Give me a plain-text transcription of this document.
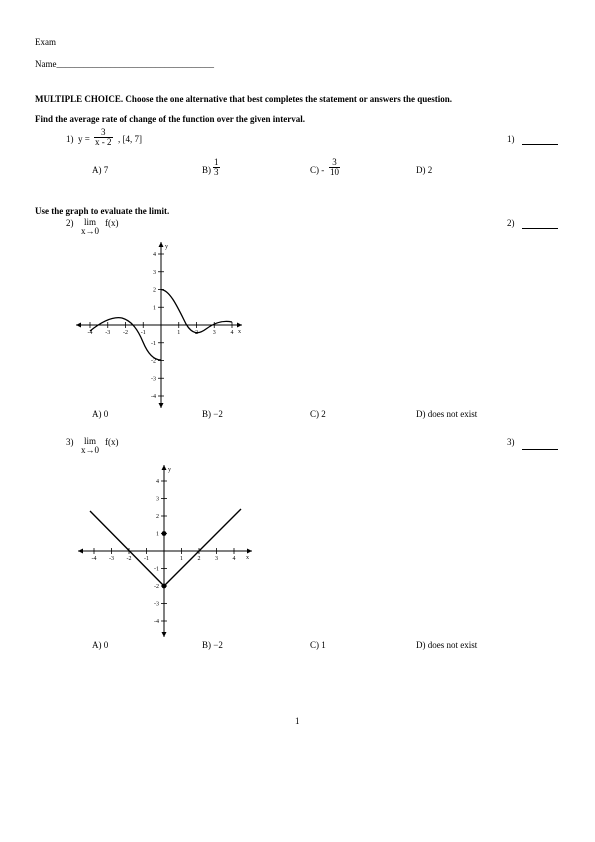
Exam
Name___________________________________
MULTIPLE CHOICE. Choose the one alternative that best completes the statement or answers the question.
Find the average rate of change of the function over the given interval.
1) $y = \frac{3}{x - 2}$ , [4, 7]	1)
A) 7	$B) \frac{1}{3}$	$C) - \frac{3}{10}$	D) 2
Use the graph to evaluate the limit.
2)	lim
x→0
f(x)	2)
-4 -3 -2 -1	1 2 3 4
4
3
2
1
-1
-2
-3
-4
y
x
A) 0	B) −2	C) 2	D) does not exist
3)	lim
x→0
f(x)	3)
-4 -3 -2 -1	1 2 3 4
4
3
2
1
-1
-2
-3
-4
y
x
A) 0	B) −2	C) 1	D) does not exist
1
